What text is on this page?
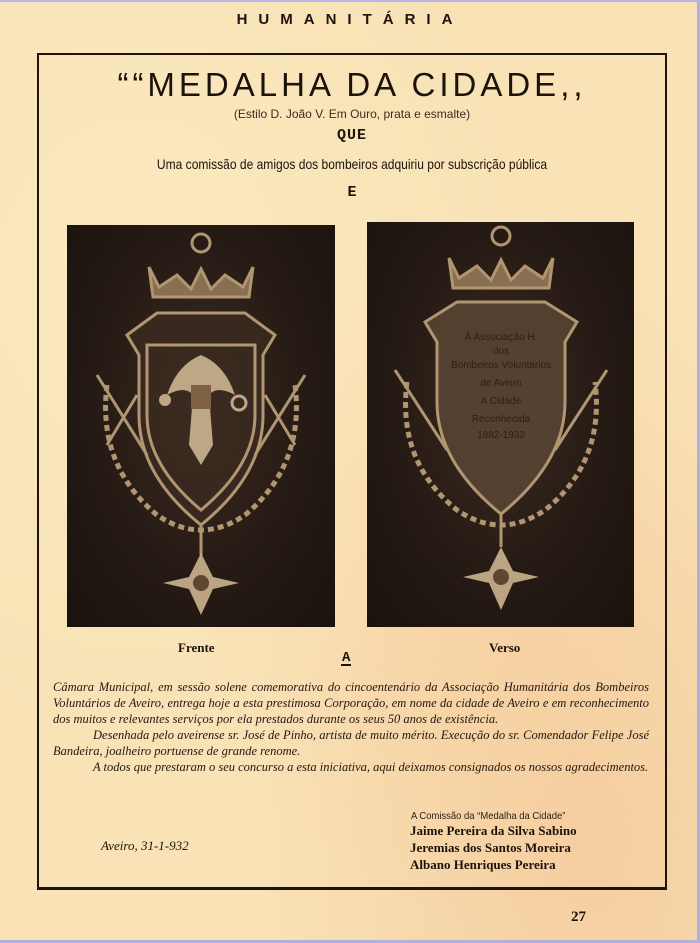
HUMANITÁRIA
““MEDALHA DA CIDADE,,
(Estilo D. João V. Em Ouro, prata e esmalte)
QUE
Uma comissão de amigos dos bombeiros adquiriu por subscrição pública
E
Á Associação H.
dos
Bombeiros Voluntarios
de Aveiro
A Cidade
Reconhecida
1882-1932
Frente	Verso
A

Câmara Municipal, em sessão solene comemorativa do cincoentenário da Associação Humanitária dos Bombeiros Voluntários de Aveiro, entrega hoje a esta prestimosa Corporação, em nome da cidade de Aveiro e em reconhecimento dos muitos e relevantes serviços por ela prestados durante os seus 50 anos de existência.

Desenhada pelo aveirense sr. José de Pinho, artista de muito mérito. Execução do sr. Comendador Felipe José Bandeira, joalheiro portuense de grande renome.

A todos que prestaram o seu concurso a esta iniciativa, aqui deixamos consignados os nossos agradecimentos.

A Comissão da “Medalha da Cidade”
Jaime Pereira da Silva Sabino
Jeremias dos Santos Moreira
Albano Henriques Pereira
Aveiro, 31-1-932
27
